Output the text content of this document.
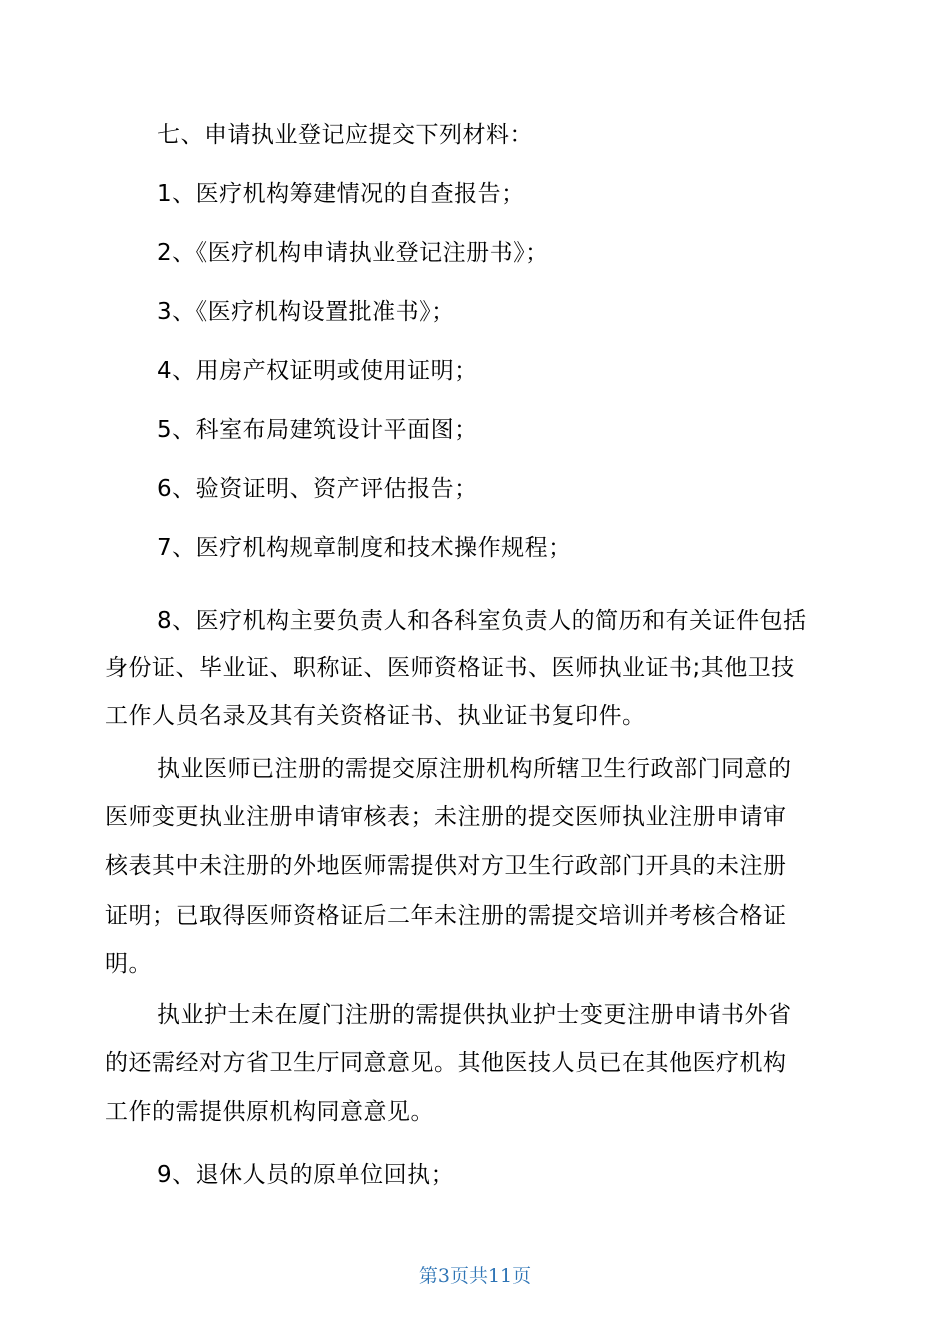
七、申请执业登记应提交下列材料：
1、医疗机构筹建情况的自查报告；
2、《医疗机构申请执业登记注册书》；
3、《医疗机构设置批准书》；
4、用房产权证明或使用证明；
5、科室布局建筑设计平面图；
6、验资证明、资产评估报告；
7、医疗机构规章制度和技术操作规程；
8、医疗机构主要负责人和各科室负责人的简历和有关证件包括
身份证、毕业证、职称证、医师资格证书、医师执业证书;其他卫技
工作人员名录及其有关资格证书、执业证书复印件。
执业医师已注册的需提交原注册机构所辖卫生行政部门同意的
医师变更执业注册申请审核表；未注册的提交医师执业注册申请审
核表其中未注册的外地医师需提供对方卫生行政部门开具的未注册
证明；已取得医师资格证后二年未注册的需提交培训并考核合格证
明。
执业护士未在厦门注册的需提供执业护士变更注册申请书外省
的还需经对方省卫生厅同意意见。其他医技人员已在其他医疗机构
工作的需提供原机构同意意见。
9、退休人员的原单位回执；
第3页共11页
